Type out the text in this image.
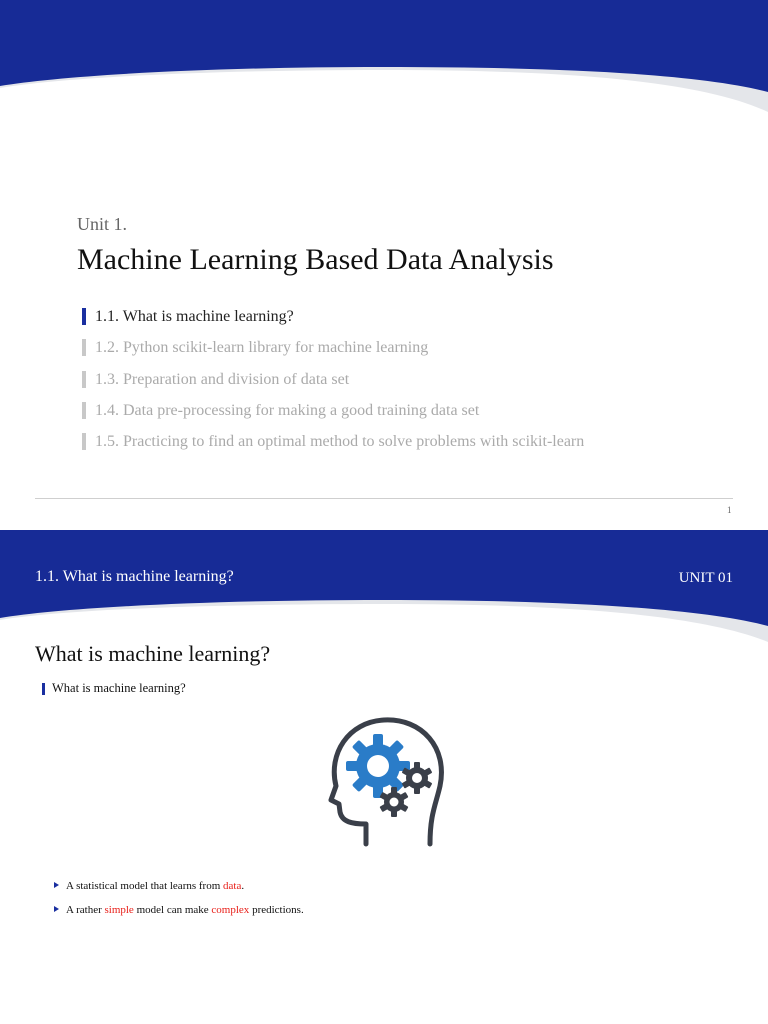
Unit 1.
Machine Learning Based Data Analysis
1.1. What is machine learning?
1.2. Python scikit-learn library for machine learning
1.3. Preparation and division of data set
1.4. Data pre-processing for making a good training data set
1.5. Practicing to find an optimal method to solve problems with scikit-learn
1
1.1. What is machine learning?	UNIT 01
What is machine learning?
What is machine learning?
A statistical model that learns from data.
A rather simple model can make complex predictions.
